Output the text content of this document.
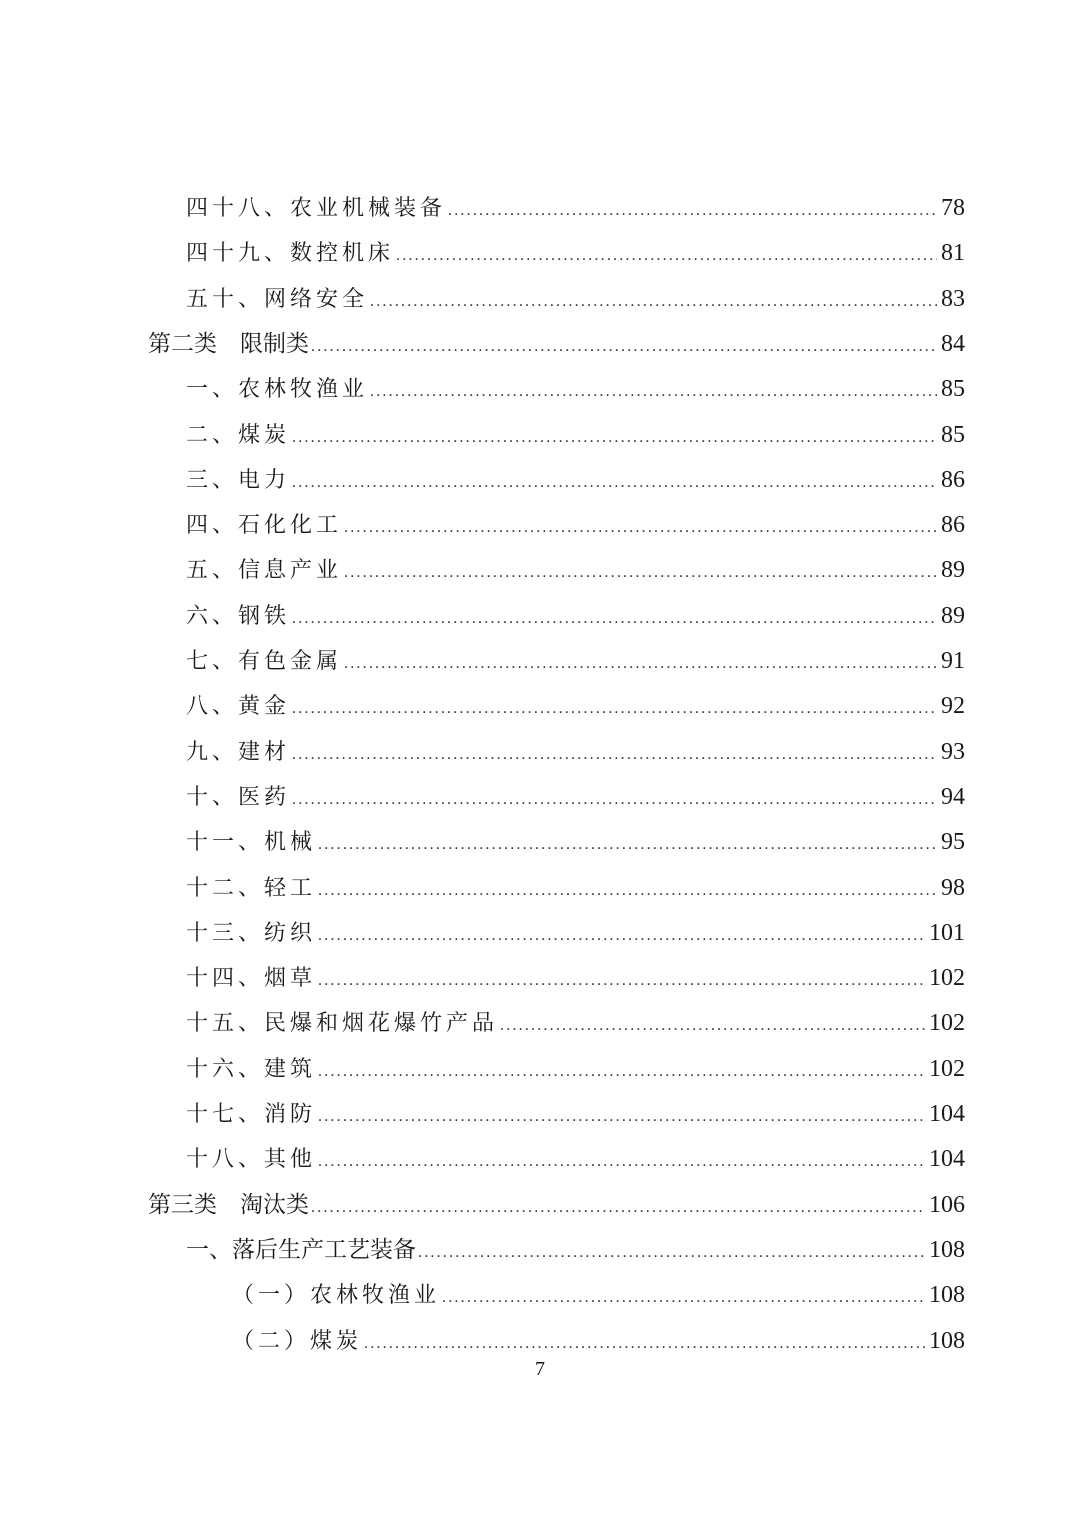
四十八、农业机械装备 .....	78
四十九、数控机床 .....	81
五十、网络安全 .....	83
第二类　限制类 .....	84
一、农林牧渔业 .....	85
二、煤炭 .....	85
三、电力 .....	86
四、石化化工 .....	86
五、信息产业 .....	89
六、钢铁 .....	89
七、有色金属 .....	91
八、黄金 .....	92
九、建材 .....	93
十、医药 .....	94
十一、机械 .....	95
十二、轻工 .....	98
十三、纺织 .....	101
十四、烟草 .....	102
十五、民爆和烟花爆竹产品 .....	102
十六、建筑 .....	102
十七、消防 .....	104
十八、其他 .....	104
第三类　淘汰类 .....	106
一、落后生产工艺装备 .....	108
（一）农林牧渔业 .....	108
（二）煤炭 .....	108
7
